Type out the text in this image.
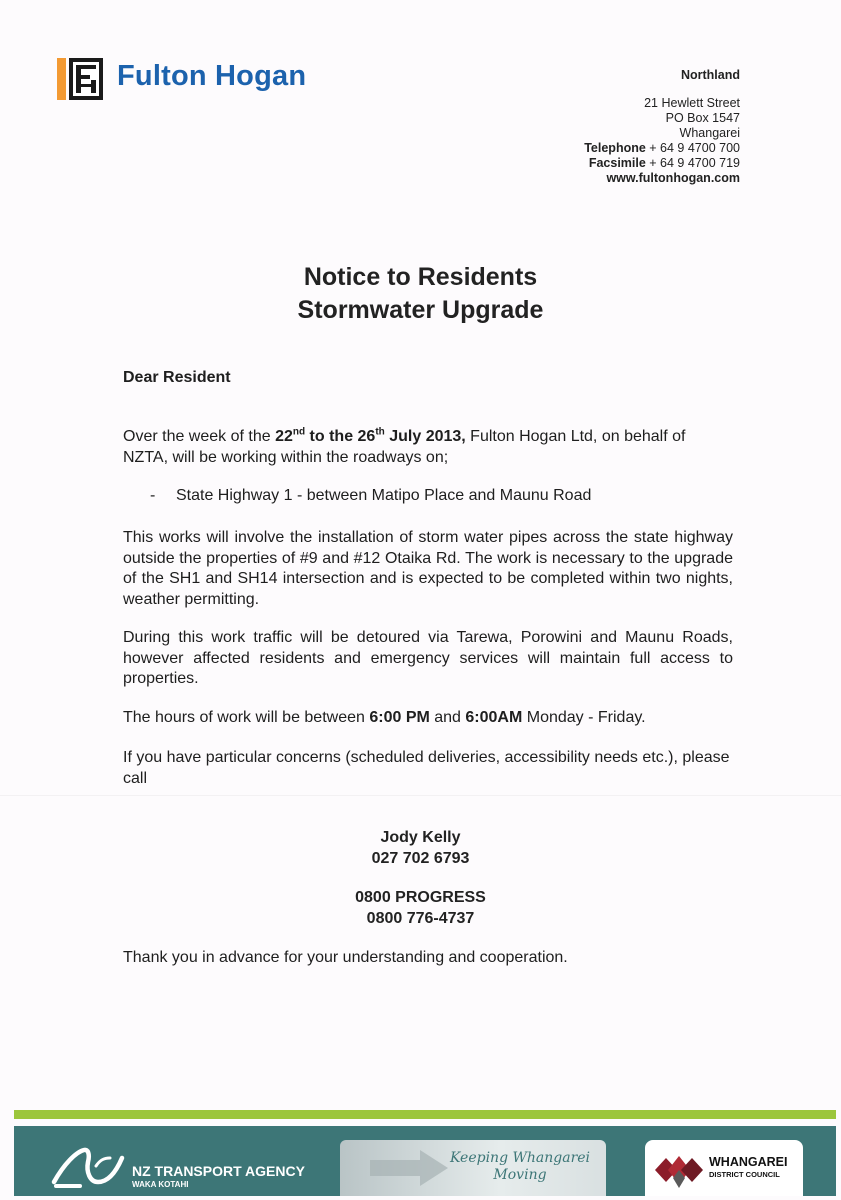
Fulton Hogan	Northland
21 Hewlett Street
PO Box 1547
Whangarei
Telephone + 64 9 4700 700
Facsimile + 64 9 4700 719
www.fultonhogan.com
Notice to Residents
Stormwater Upgrade
Dear Resident
Over the week of the 22nd to the 26th July 2013, Fulton Hogan Ltd, on behalf of NZTA, will be working within the roadways on;
- State Highway 1 - between Matipo Place and Maunu Road
This works will involve the installation of storm water pipes across the state highway outside the properties of #9 and #12 Otaika Rd. The work is necessary to the upgrade of the SH1 and SH14 intersection and is expected to be completed within two nights, weather permitting.
During this work traffic will be detoured via Tarewa, Porowini and Maunu Roads, however affected residents and emergency services will maintain full access to properties.
The hours of work will be between 6:00 PM and 6:00AM Monday - Friday.
If you have particular concerns (scheduled deliveries, accessibility needs etc.), please call
Jody Kelly
027 702 6793
0800 PROGRESS
0800 776-4737
Thank you in advance for your understanding and cooperation.
NZ TRANSPORT AGENCY
WAKA KOTAHI
Keeping Whangarei
Moving
WHANGAREI
DISTRICT COUNCIL
